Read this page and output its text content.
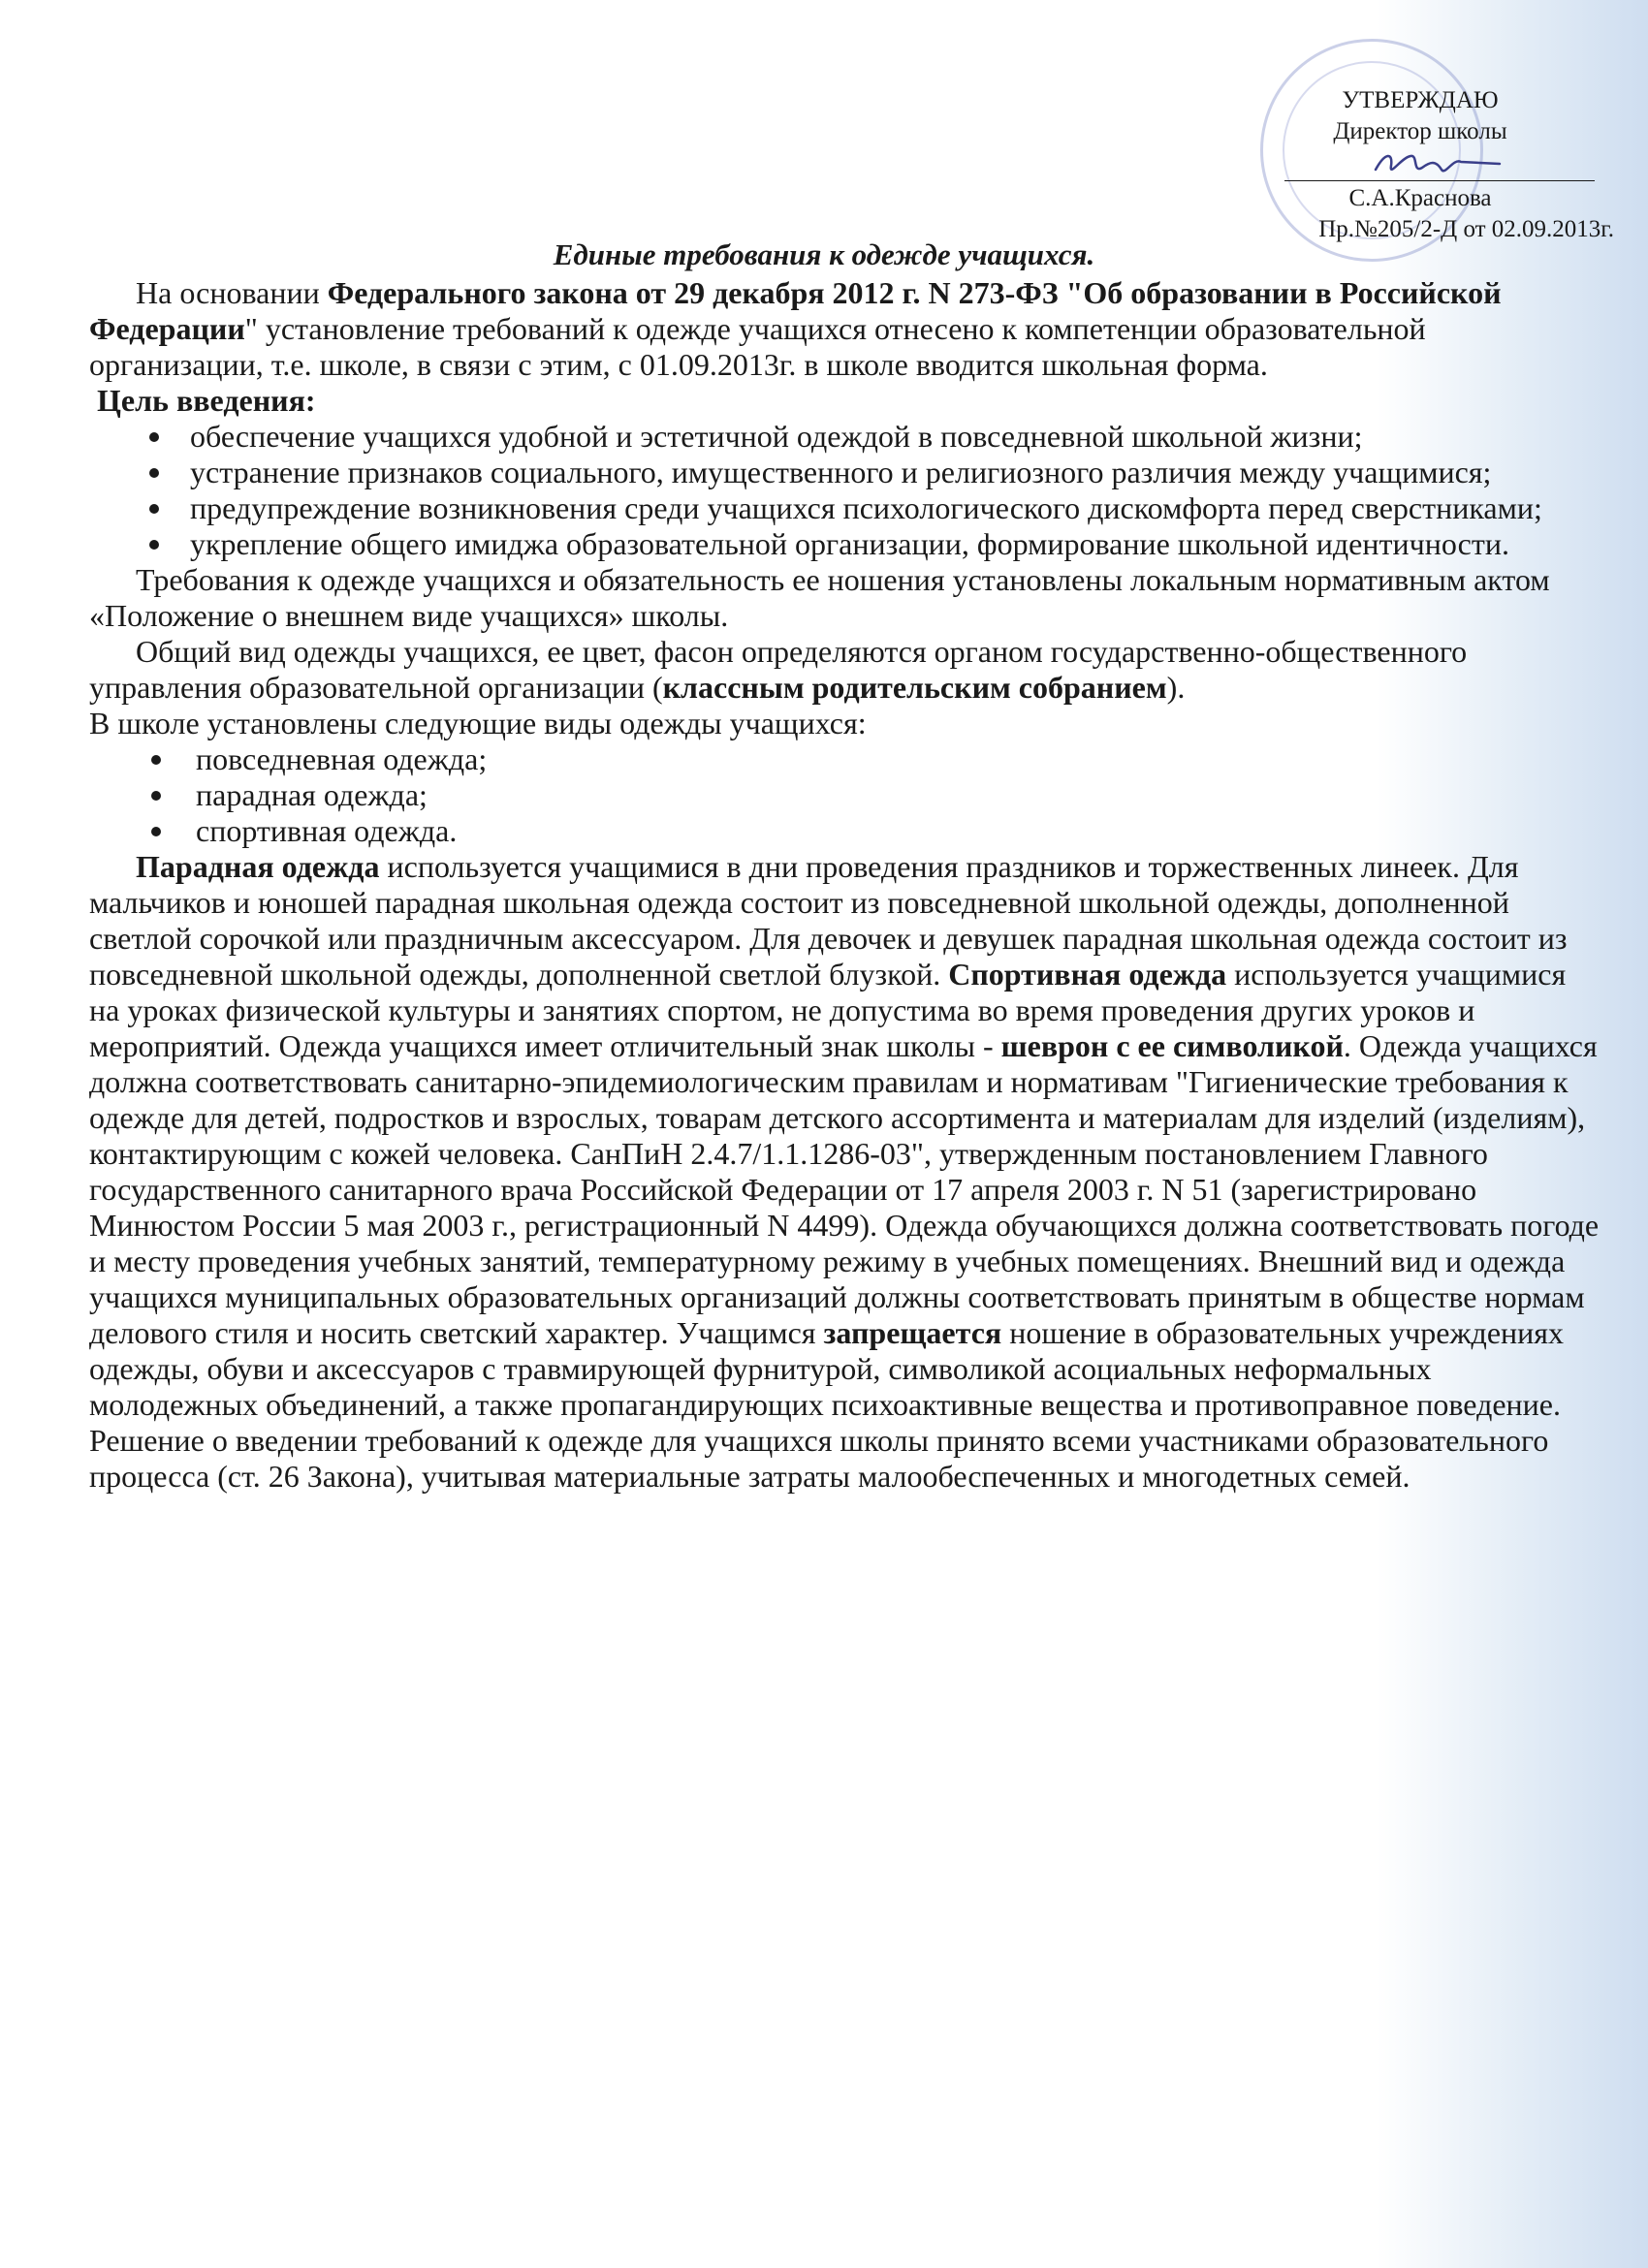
УТВЕРЖДАЮ
Директор школы
С.А.Краснова
Пр.№205/2-Д от 02.09.2013г.
Единые требования к одежде учащихся.

На основании Федерального закона от 29 декабря 2012 г. N 273-ФЗ "Об образовании в Российской Федерации" установление требований к одежде учащихся отнесено к компетенции образовательной организации, т.е. школе, в связи с этим, с 01.09.2013г. в школе вводится школьная форма.

Цель введения:

обеспечение учащихся удобной и эстетичной одеждой в повседневной школьной жизни;
устранение признаков социального, имущественного и религиозного различия между учащимися;
предупреждение возникновения среди учащихся психологического дискомфорта перед сверстниками;
укрепление общего имиджа образовательной организации, формирование школьной идентичности.

Требования к одежде учащихся и обязательность ее ношения установлены локальным нормативным актом «Положение о внешнем виде учащихся» школы.

Общий вид одежды учащихся, ее цвет, фасон определяются органом государственно-общественного управления образовательной организации (классным родительским собранием).

В школе установлены следующие виды одежды учащихся:

повседневная одежда;
парадная одежда;
спортивная одежда.

Парадная одежда используется учащимися в дни проведения праздников и торжественных линеек. Для мальчиков и юношей парадная школьная одежда состоит из повседневной школьной одежды, дополненной светлой сорочкой или праздничным аксессуаром. Для девочек и девушек парадная школьная одежда состоит из повседневной школьной одежды, дополненной светлой блузкой. Спортивная одежда используется учащимися на уроках физической культуры и занятиях спортом, не допустима во время проведения других уроков и мероприятий. Одежда учащихся имеет отличительный знак школы - шеврон с ее символикой. Одежда учащихся должна соответствовать санитарно-эпидемиологическим правилам и нормативам "Гигиенические требования к одежде для детей, подростков и взрослых, товарам детского ассортимента и материалам для изделий (изделиям), контактирующим с кожей человека. СанПиН 2.4.7/1.1.1286-03", утвержденным постановлением Главного государственного санитарного врача Российской Федерации от 17 апреля 2003 г. N 51 (зарегистрировано Минюстом России 5 мая 2003 г., регистрационный N 4499). Одежда обучающихся должна соответствовать погоде и месту проведения учебных занятий, температурному режиму в учебных помещениях. Внешний вид и одежда учащихся муниципальных образовательных организаций должны соответствовать принятым в обществе нормам делового стиля и носить светский характер. Учащимся запрещается ношение в образовательных учреждениях одежды, обуви и аксессуаров с травмирующей фурнитурой, символикой асоциальных неформальных молодежных объединений, а также пропагандирующих психоактивные вещества и противоправное поведение. Решение о введении требований к одежде для учащихся школы принято всеми участниками образовательного процесса (ст. 26 Закона), учитывая материальные затраты малообеспеченных и многодетных семей.
